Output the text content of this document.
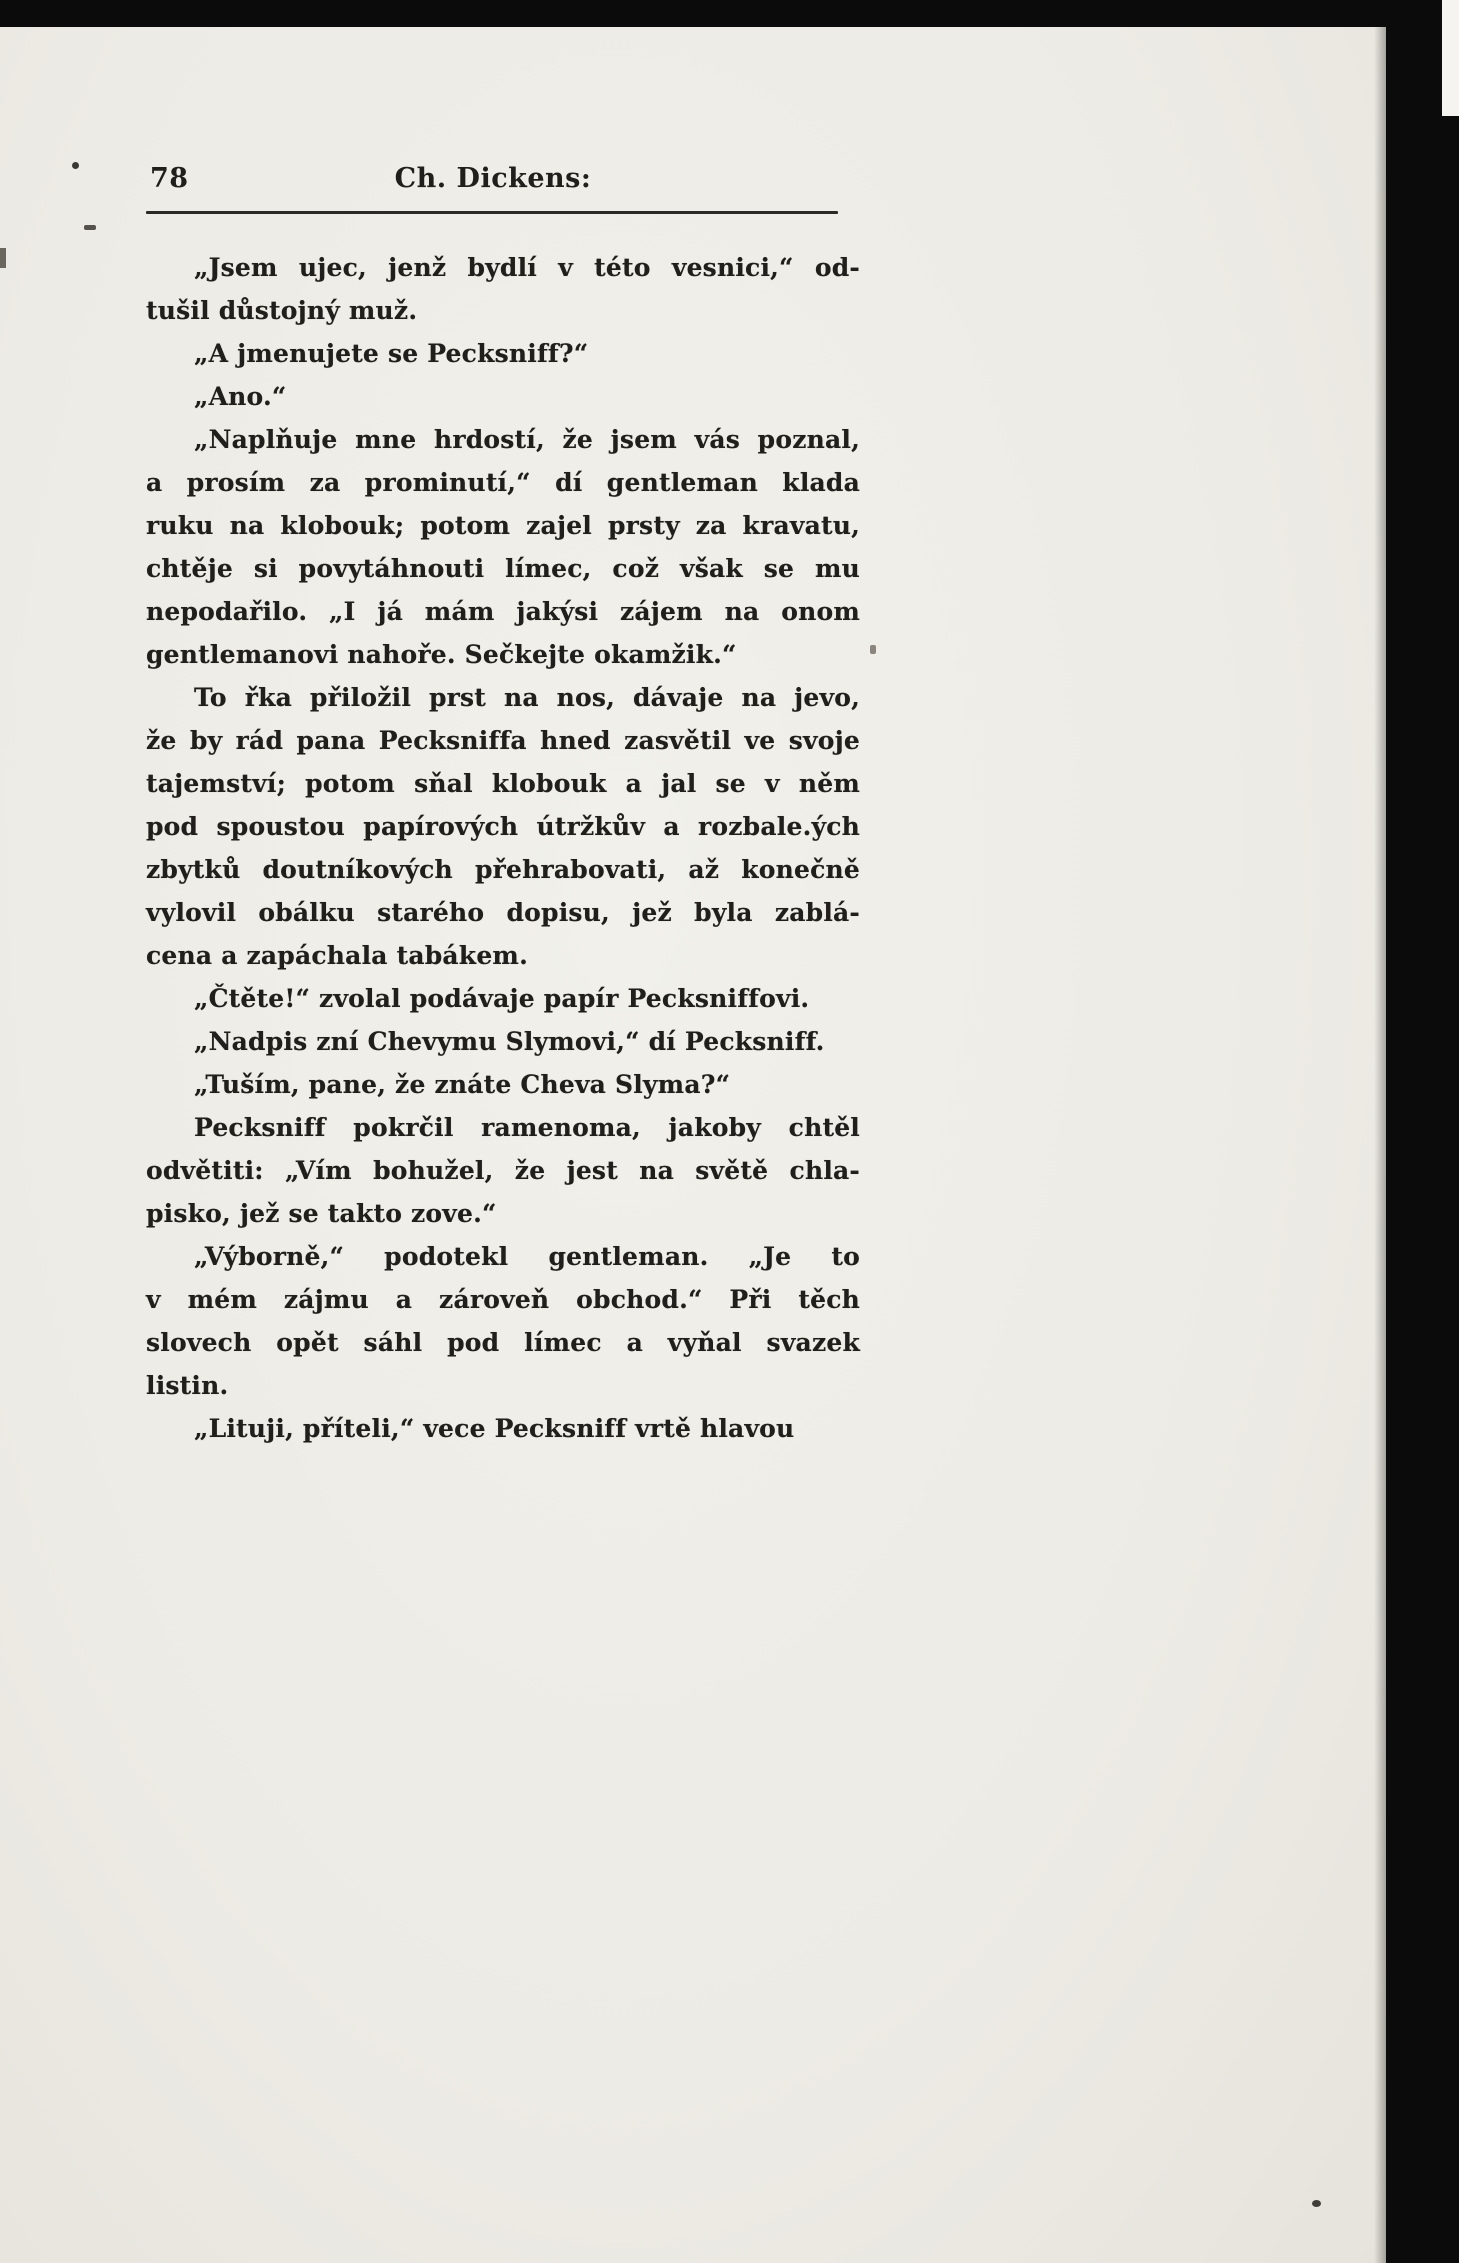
78	Ch. Dickens:
„Jsem ujec, jenž bydlí v této vesnici,“ od-
tušil důstojný muž.
„A jmenujete se Pecksniff?“
„Ano.“
„Naplňuje mne hrdostí, že jsem vás poznal,
a prosím za prominutí,“ dí gentleman klada
ruku na klobouk; potom zajel prsty za kravatu,
chtěje si povytáhnouti límec, což však se mu
nepodařilo. „I já mám jakýsi zájem na onom
gentlemanovi nahoře. Sečkejte okamžik.“
To řka přiložil prst na nos, dávaje na jevo,
že by rád pana Pecksniffa hned zasvětil ve svoje
tajemství; potom sňal klobouk a jal se v něm
pod spoustou papírových útržkův a rozbale.ých
zbytků doutníkových přehrabovati, až konečně
vylovil obálku starého dopisu, jež byla zablá-
cena a zapáchala tabákem.
„Čtěte!“ zvolal podávaje papír Pecksniffovi.
„Nadpis zní Chevymu Slymovi,“ dí Pecksniff.
„Tuším, pane, že znáte Cheva Slyma?“
Pecksniff pokrčil ramenoma, jakoby chtěl
odvětiti: „Vím bohužel, že jest na světě chla-
pisko, jež se takto zove.“
„Výborně,“ podotekl gentleman. „Je to
v mém zájmu a zároveň obchod.“ Při těch
slovech opět sáhl pod límec a vyňal svazek
listin.
„Lituji, příteli,“ vece Pecksniff vrtě hlavou
